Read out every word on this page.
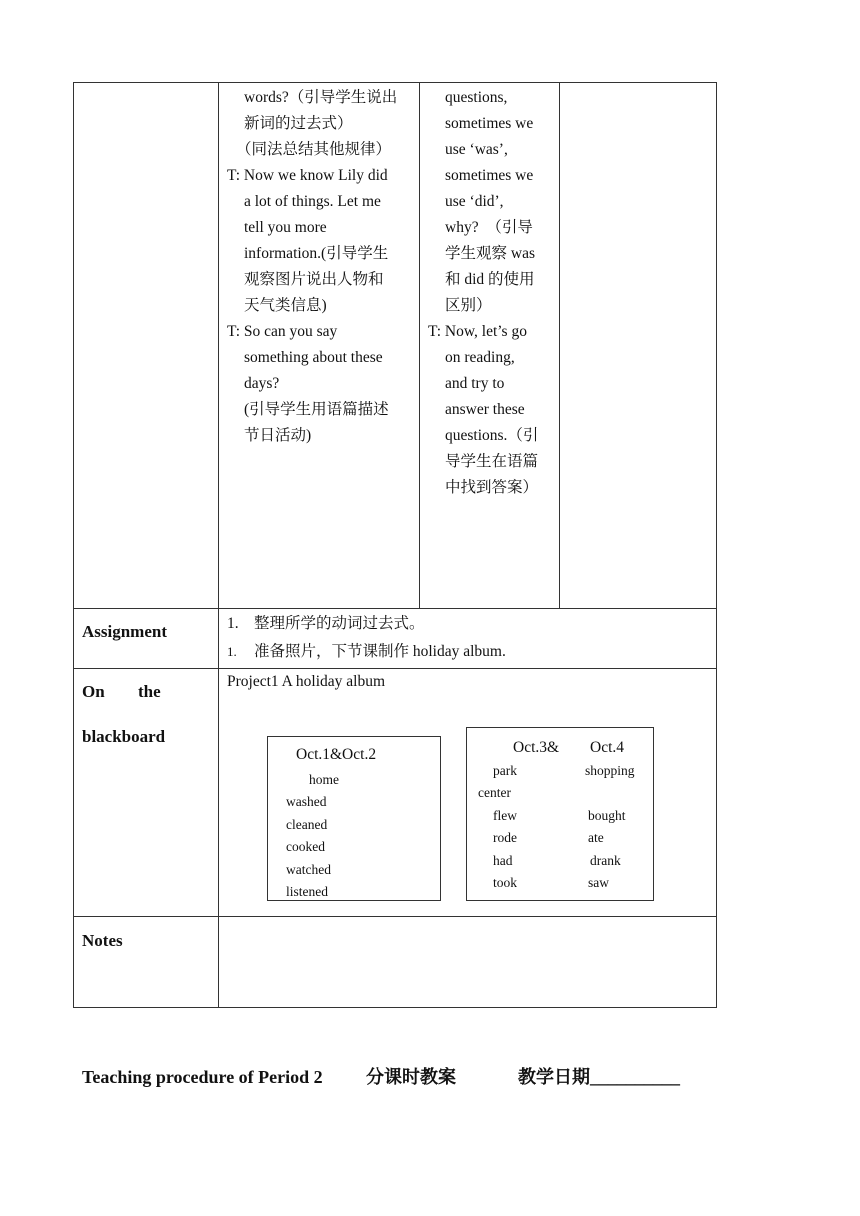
words?（引导学生说出
新词的过去式）
（同法总结其他规律）
T: Now we know Lily did
a lot of things. Let me
tell you more
information.(引导学生
观察图片说出人物和
天气类信息)
T: So can you say
something about these
days?
(引导学生用语篇描述
节日活动)
questions,
sometimes we
use ‘was’,
sometimes we
use ‘did’,
why?  （引导
学生观察 was
和 did 的使用
区别）
T: Now, let’s go
on reading,
and try to
answer these
questions.（引
导学生在语篇
中找到答案）
Assignment	1. 整理所学的动词过去式。
1. 准备照片，下节课制作 holiday album.
On the
blackboard
Project1 A holiday album
Oct.1&Oct.2
home
washed
cleaned
cooked
watched
listened
Oct.3& Oct.4
park	shopping
center
flew	bought
rode	ate
had	drank
took	saw
Notes
Teaching procedure of Period 2 分课时教案	教学日期__________
